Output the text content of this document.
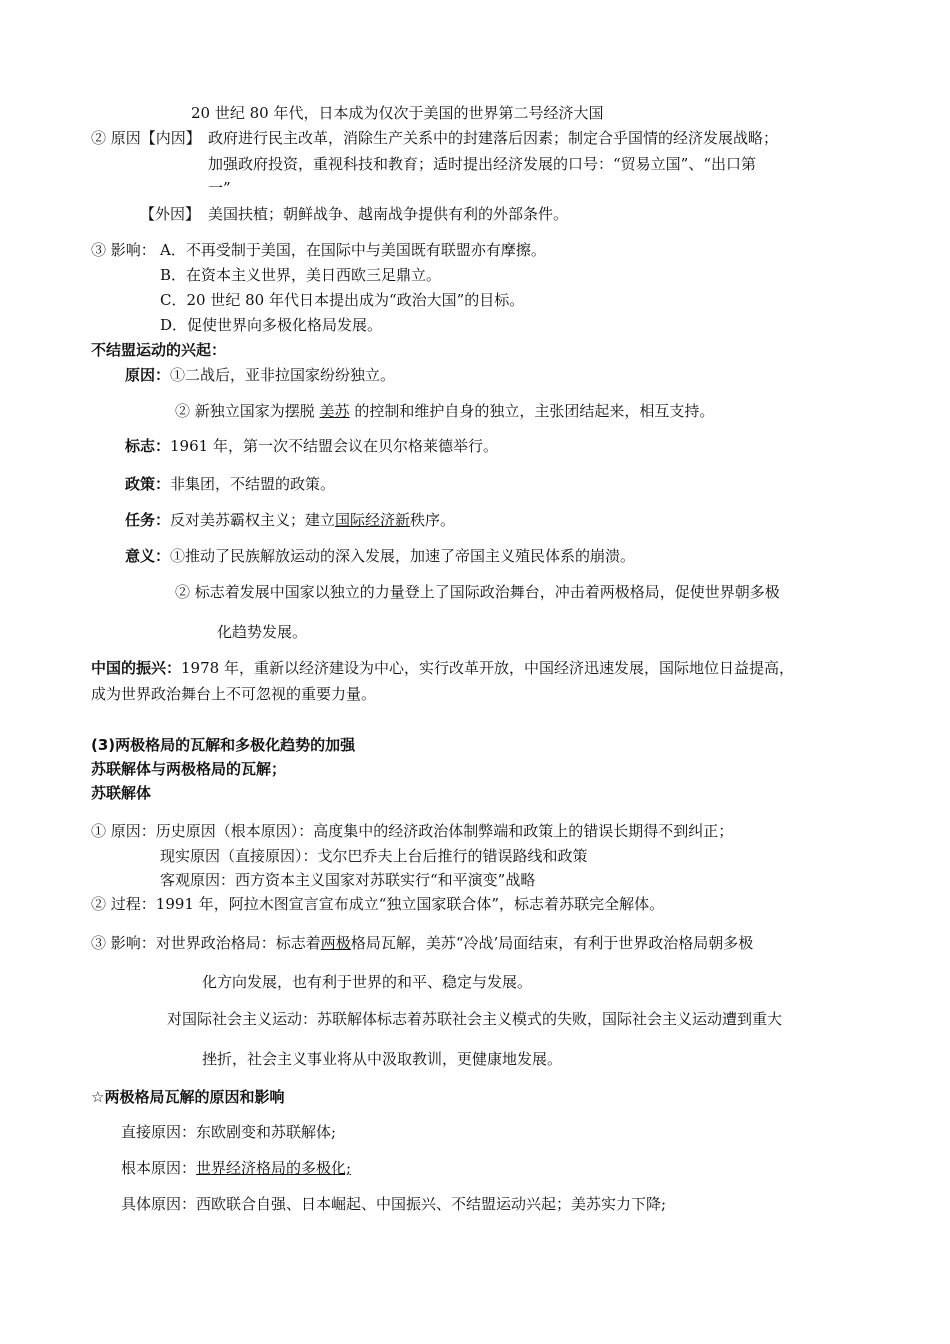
20 世纪 80 年代，日本成为仅次于美国的世界第二号经济大国
② 原因【内因】 政府进行民主改革，消除生产关系中的封建落后因素；制定合乎国情的经济发展战略；
加强政府投资，重视科技和教育；适时提出经济发展的口号：“贸易立国”、“出口第
一”
【外因】 美国扶植；朝鲜战争、越南战争提供有利的外部条件。
③ 影响： A．不再受制于美国，在国际中与美国既有联盟亦有摩擦。
B．在资本主义世界，美日西欧三足鼎立。
C．20 世纪 80 年代日本提出成为“政治大国”的目标。
D．促使世界向多极化格局发展。
不结盟运动的兴起：
原因：①二战后，亚非拉国家纷纷独立。
② 新独立国家为摆脱 美苏 的控制和维护自身的独立，主张团结起来，相互支持。
标志：1961 年，第一次不结盟会议在贝尔格莱德举行。
政策：非集团，不结盟的政策。
任务：反对美苏霸权主义；建立国际经济新秩序。
意义：①推动了民族解放运动的深入发展，加速了帝国主义殖民体系的崩溃。
② 标志着发展中国家以独立的力量登上了国际政治舞台，冲击着两极格局，促使世界朝多极
化趋势发展。
中国的振兴：1978 年，重新以经济建设为中心，实行改革开放，中国经济迅速发展，国际地位日益提高，
成为世界政治舞台上不可忽视的重要力量。
(3)两极格局的瓦解和多极化趋势的加强
苏联解体与两极格局的瓦解；
苏联解体
① 原因：历史原因（根本原因）：高度集中的经济政治体制弊端和政策上的错误长期得不到纠正；
现实原因（直接原因）：戈尔巴乔夫上台后推行的错误路线和政策
客观原因：西方资本主义国家对苏联实行“和平演变”战略
② 过程：1991 年，阿拉木图宣言宣布成立“独立国家联合体”，标志着苏联完全解体。
③ 影响：对世界政治格局：标志着两极格局瓦解，美苏“冷战’局面结束，有利于世界政治格局朝多极
化方向发展，也有利于世界的和平、稳定与发展。
对国际社会主义运动：苏联解体标志着苏联社会主义模式的失败，国际社会主义运动遭到重大
挫折，社会主义事业将从中汲取教训，更健康地发展。
☆两极格局瓦解的原因和影响
直接原因：东欧剧变和苏联解体;
根本原因：世界经济格局的多极化;
具体原因：西欧联合自强、日本崛起、中国振兴、不结盟运动兴起；美苏实力下降;
